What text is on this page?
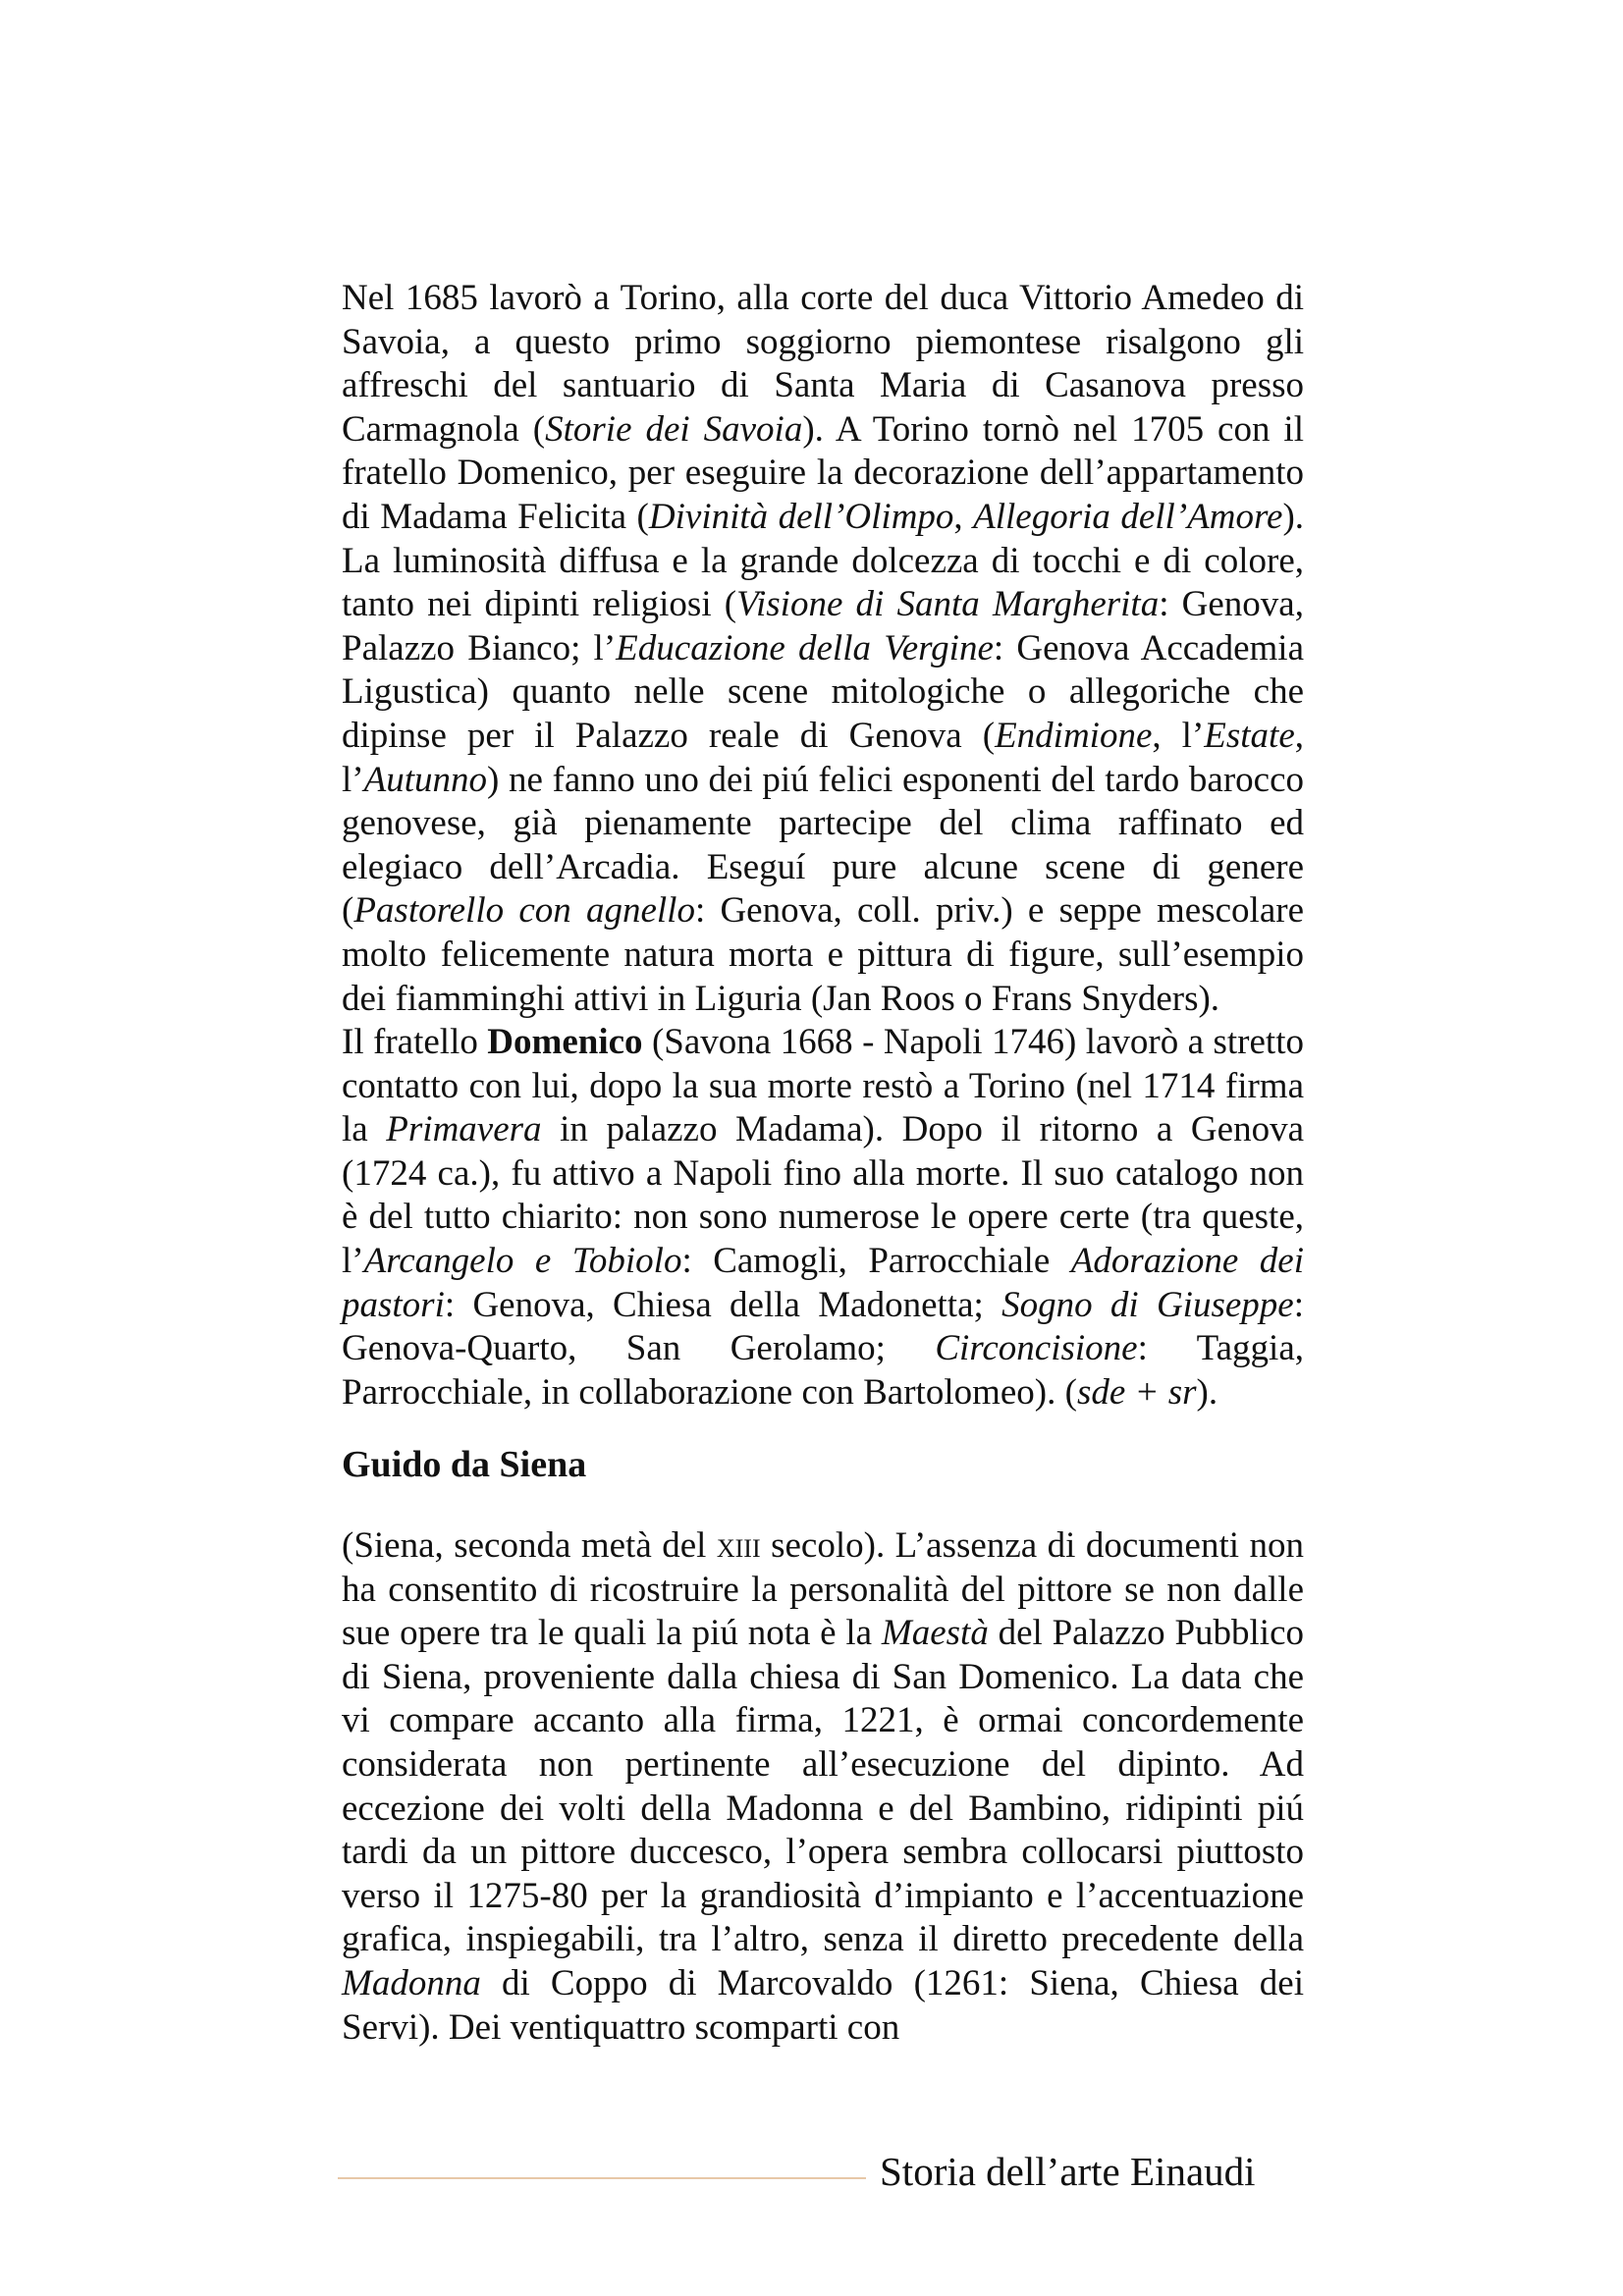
Nel 1685 lavorò a Torino, alla corte del duca Vittorio Amedeo di Savoia, a questo primo soggiorno piemontese risalgono gli affreschi del santuario di Santa Maria di Casanova presso Carmagnola (Storie dei Savoia). A Torino tornò nel 1705 con il fratello Domenico, per eseguire la decorazione dell’appartamento di Madama Felicita (Divinità dell’Olimpo, Allegoria dell’Amore). La luminosità diffusa e la grande dolcezza di tocchi e di colore, tanto nei dipinti religiosi (Visione di Santa Margherita: Genova, Palazzo Bianco; l’Educazione della Vergine: Genova Accademia Ligustica) quanto nelle scene mitologiche o allegoriche che dipinse per il Palazzo reale di Genova (Endimione, l’Estate, l’Autunno) ne fanno uno dei piú felici esponenti del tardo barocco genovese, già pienamente partecipe del clima raffinato ed elegiaco dell’Arcadia. Eseguí pure alcune scene di genere (Pastorello con agnello: Genova, coll. priv.) e seppe mescolare molto felicemente natura morta e pittura di figure, sull’esempio dei fiamminghi attivi in Liguria (Jan Roos o Frans Snyders).

Il fratello Domenico (Savona 1668 - Napoli 1746) lavorò a stretto contatto con lui, dopo la sua morte restò a Torino (nel 1714 firma la Primavera in palazzo Madama). Dopo il ritorno a Genova (1724 ca.), fu attivo a Napoli fino alla morte. Il suo catalogo non è del tutto chiarito: non sono numerose le opere certe (tra queste, l’Arcangelo e Tobiolo: Camogli, Parrocchiale Adorazione dei pastori: Genova, Chiesa della Madonetta; Sogno di Giuseppe: Genova-Quarto, San Gerolamo; Circoncisione: Taggia, Parrocchiale, in collaborazione con Bartolomeo). (sde + sr).

Guido da Siena

(Siena, seconda metà del xiii secolo). L’assenza di documenti non ha consentito di ricostruire la personalità del pittore se non dalle sue opere tra le quali la piú nota è la Maestà del Palazzo Pubblico di Siena, proveniente dalla chiesa di San Domenico. La data che vi compare accanto alla firma, 1221, è ormai concordemente considerata non pertinente all’esecuzione del dipinto. Ad eccezione dei volti della Madonna e del Bambino, ridipinti piú tardi da un pittore duccesco, l’opera sembra collocarsi piuttosto verso il 1275-80 per la grandiosità d’impianto e l’accentuazione grafica, inspiegabili, tra l’altro, senza il diretto precedente della Madonna di Coppo di Marcovaldo (1261: Siena, Chiesa dei Servi). Dei ventiquattro scomparti con

Storia dell’arte Einaudi
